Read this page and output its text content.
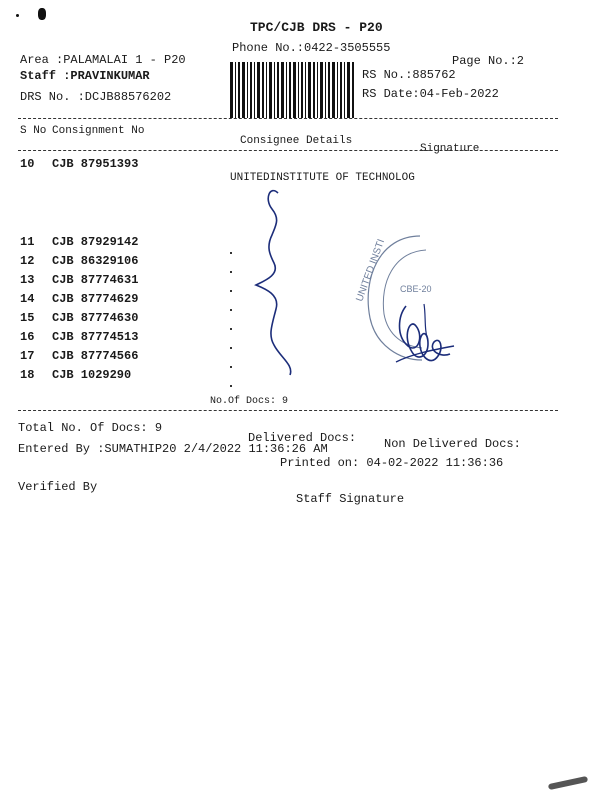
TPC/CJB DRS - P20
Phone No.:0422-3505555
Page No.:2
Area :PALAMALAI 1 - P20
Staff :PRAVINKUMAR
DRS No. :DCJB88576202
RS No.:885762
RS Date:04-Feb-2022
S No Consignment No
Consignee Details
Signature
10 CJB 87951393
UNITEDINSTITUTE OF TECHNOLOG
11 CJB 87929142
12 CJB 86329106
13 CJB 87774631
14 CJB 87774629
15 CJB 87774630
16 CJB 87774513
17 CJB 87774566
18 CJB 1029290
UNITED INSTI CBE-20
No.Of Docs: 9
Total No. Of Docs: 9
Delivered Docs: Non Delivered Docs:
Entered By :SUMATHIP20 2/4/2022 11:36:26 AM
Printed on: 04-02-2022 11:36:36
Verified By
Staff Signature
